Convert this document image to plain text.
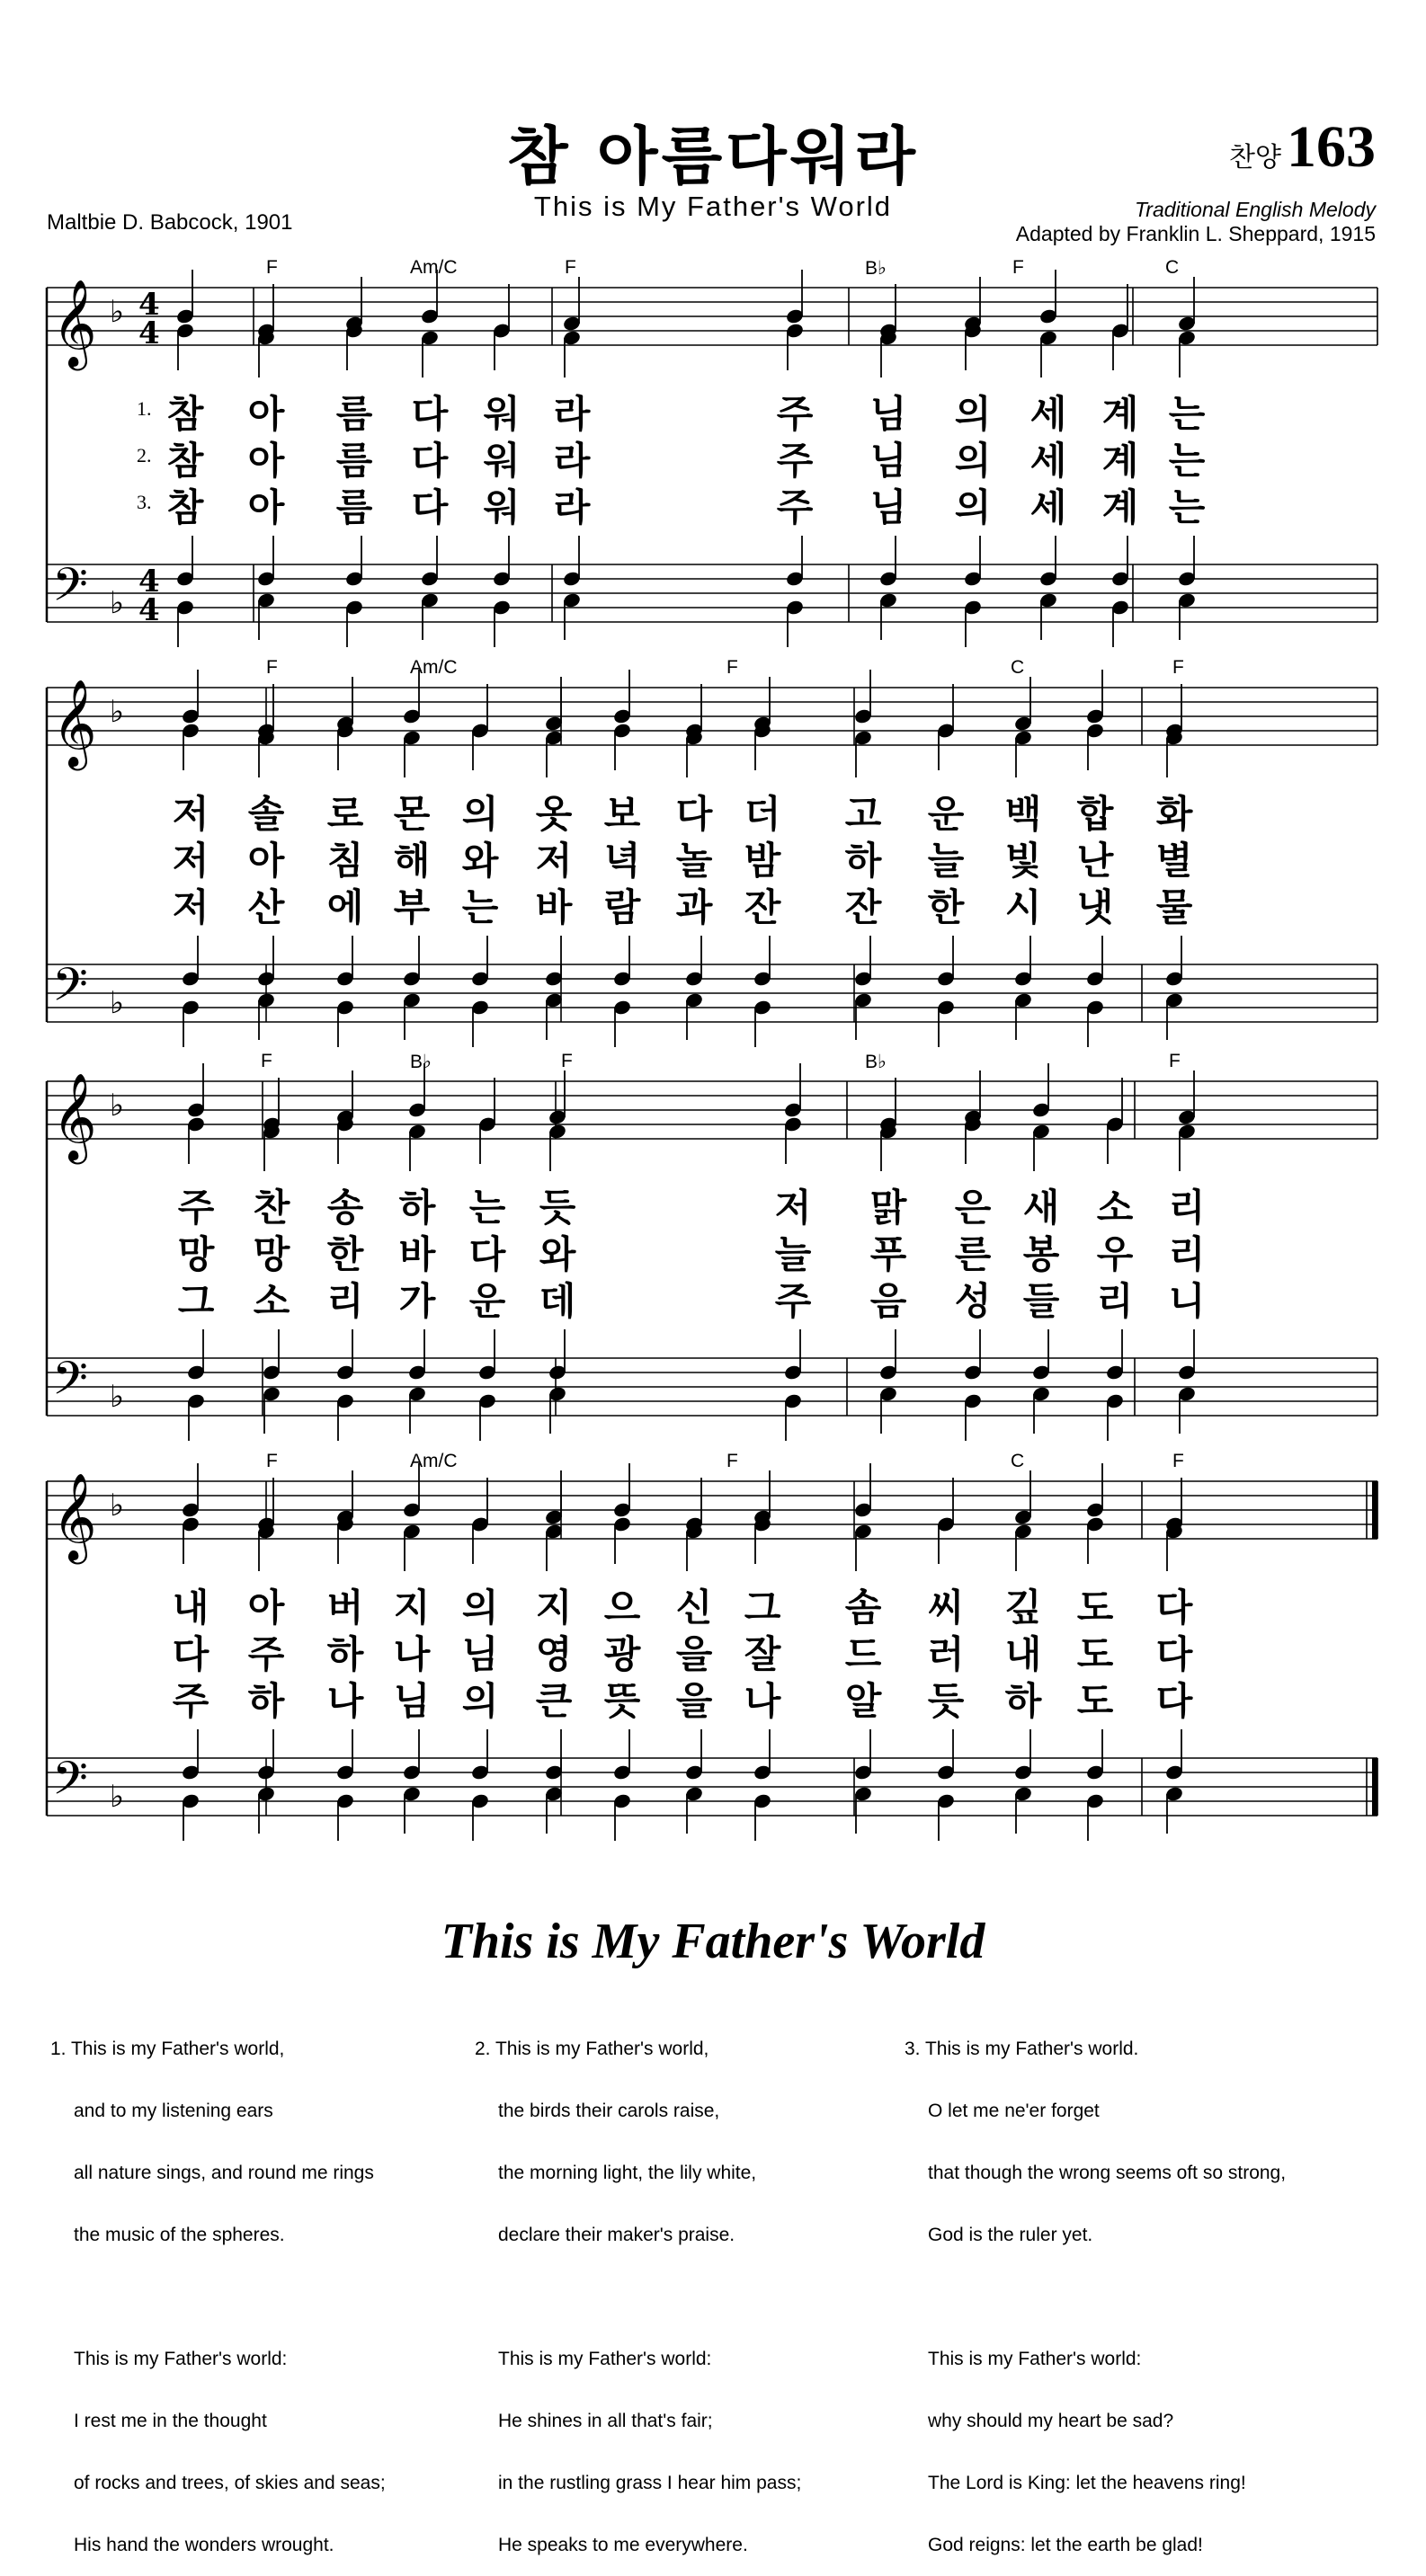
참 아름다워라	찬양163
This is My Father's World
Maltbie D. Babcock, 1901
Traditional English Melody
Adapted by Franklin L. Sheppard, 1915
𝄞
𝄢
♭
♭
4
4
4
4
F	Am/C	F	B♭	F	C
1. 참 아 름 다 워 라	주 님 의 세 계 는
2. 참 아 름 다 워 라	주 님 의 세 계 는
3. 참 아 름 다 워 라	주 님 의 세 계 는
𝄞
𝄢
♭
♭
F	Am/C	F	C	F
저 솔 로 몬 의 옷 보 다 더 고 운 백 합 화
저 아 침 해 와 저 녁 놀 밤 하 늘 빛 난 별
저 산 에 부 는 바 람 과 잔 잔 한 시 냇 물
𝄞
𝄢
♭
♭
F	B♭	F	B♭	F
주 찬 송 하 는 듯	저 맑 은 새 소 리
망 망 한 바 다 와	늘 푸 른 봉 우 리
그 소 리 가 운 데	주 음 성 들 리 니
𝄞
𝄢
♭
♭
F	Am/C	F	C	F
내 아 버 지 의 지 으 신 그 솜 씨 깊 도 다
다 주 하 나 님 영 광 을 잘 드 러 내 도 다
주 하 나 님 의 큰 뜻 을 나 알 듯 하 도 다
This is My Father's World

1. This is my Father's world,

and to my listening ears

all nature sings, and round me rings

the music of the spheres.

This is my Father's world:

I rest me in the thought

of rocks and trees, of skies and seas;

His hand the wonders wrought.

2. This is my Father's world,

the birds their carols raise,

the morning light, the lily white,

declare their maker's praise.

This is my Father's world:

He shines in all that's fair;

in the rustling grass I hear him pass;

He speaks to me everywhere.

3. This is my Father's world.

O let me ne'er forget

that though the wrong seems oft so strong,

God is the ruler yet.

This is my Father's world:

why should my heart be sad?

The Lord is King: let the heavens ring!

God reigns: let the earth be glad!
